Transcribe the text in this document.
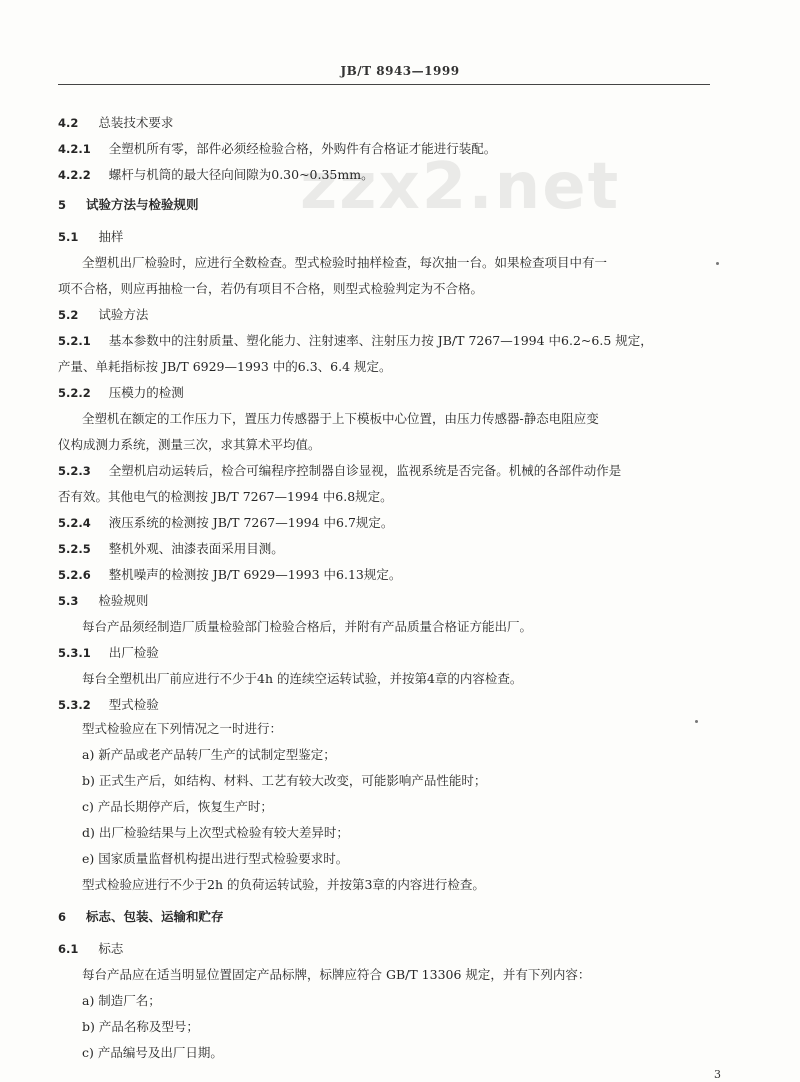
zzx2.net
JB/T 8943—1999
4.2 总装技术要求
4.2.1 全塑机所有零，部件必须经检验合格，外购件有合格证才能进行装配。
4.2.2 螺杆与机筒的最大径向间隙为0.30~0.35mm。
5 试验方法与检验规则
5.1 抽样
全塑机出厂检验时，应进行全数检查。型式检验时抽样检查，每次抽一台。如果检查项目中有一
项不合格，则应再抽检一台，若仍有项目不合格，则型式检验判定为不合格。
5.2 试验方法
5.2.1 基本参数中的注射质量、塑化能力、注射速率、注射压力按 JB/T 7267—1994 中6.2~6.5 规定，
产量、单耗指标按 JB/T 6929—1993 中的6.3、6.4 规定。
5.2.2 压模力的检测
全塑机在额定的工作压力下，置压力传感器于上下模板中心位置，由压力传感器-静态电阻应变
仪构成测力系统，测量三次，求其算术平均值。
5.2.3 全塑机启动运转后，检合可编程序控制器自诊显视，监视系统是否完备。机械的各部件动作是
否有效。其他电气的检测按 JB/T 7267—1994 中6.8规定。
5.2.4 液压系统的检测按 JB/T 7267—1994 中6.7规定。
5.2.5 整机外观、油漆表面采用目测。
5.2.6 整机噪声的检测按 JB/T 6929—1993 中6.13规定。
5.3 检验规则
每台产品须经制造厂质量检验部门检验合格后，并附有产品质量合格证方能出厂。
5.3.1 出厂检验
每台全塑机出厂前应进行不少于4h 的连续空运转试验，并按第4章的内容检查。
5.3.2 型式检验
型式检验应在下列情况之一时进行：
a) 新产品或老产品转厂生产的试制定型鉴定；
b) 正式生产后，如结构、材料、工艺有较大改变，可能影响产品性能时；
c) 产品长期停产后，恢复生产时；
d) 出厂检验结果与上次型式检验有较大差异时；
e) 国家质量监督机构提出进行型式检验要求时。
型式检验应进行不少于2h 的负荷运转试验，并按第3章的内容进行检查。
6 标志、包装、运输和贮存
6.1 标志
每台产品应在适当明显位置固定产品标牌，标牌应符合 GB/T 13306 规定，并有下列内容：
a) 制造厂名；
b) 产品名称及型号；
c) 产品编号及出厂日期。
3
